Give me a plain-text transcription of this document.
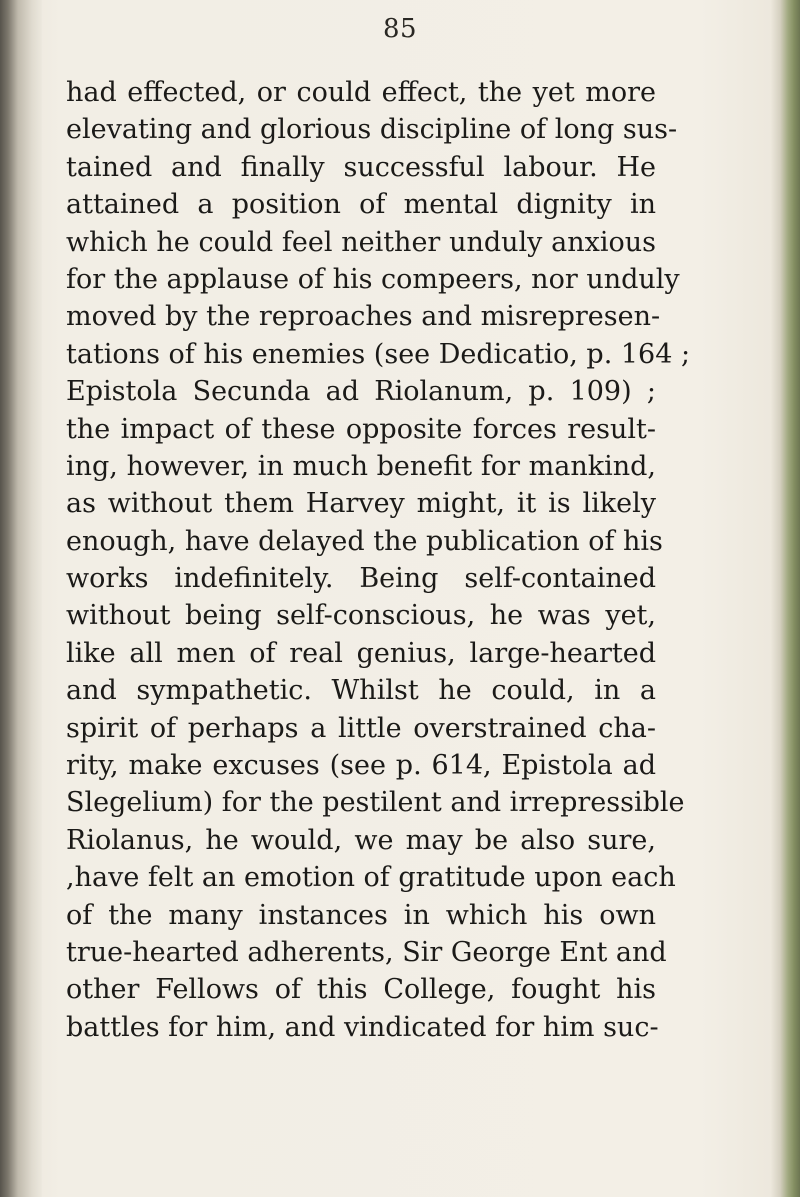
85
had effected, or could effect, the yet more
elevating and glorious discipline of long sus-
tained and finally successful labour. He
attained a position of mental dignity in
which he could feel neither unduly anxious
for the applause of his compeers, nor unduly
moved by the reproaches and misrepresen-
tations of his enemies (see Dedicatio, p. 164 ;
Epistola Secunda ad Riolanum, p. 109) ;
the impact of these opposite forces result-
ing, however, in much benefit for mankind,
as without them Harvey might, it is likely
enough, have delayed the publication of his
works indefinitely. Being self-contained
without being self-conscious, he was yet,
like all men of real genius, large-hearted
and sympathetic. Whilst he could, in a
spirit of perhaps a little overstrained cha-
rity, make excuses (see p. 614, Epistola ad
Slegelium) for the pestilent and irrepressible
Riolanus, he would, we may be also sure,
,have felt an emotion of gratitude upon each
of the many instances in which his own
true-hearted adherents, Sir George Ent and
other Fellows of this College, fought his
battles for him, and vindicated for him suc-
